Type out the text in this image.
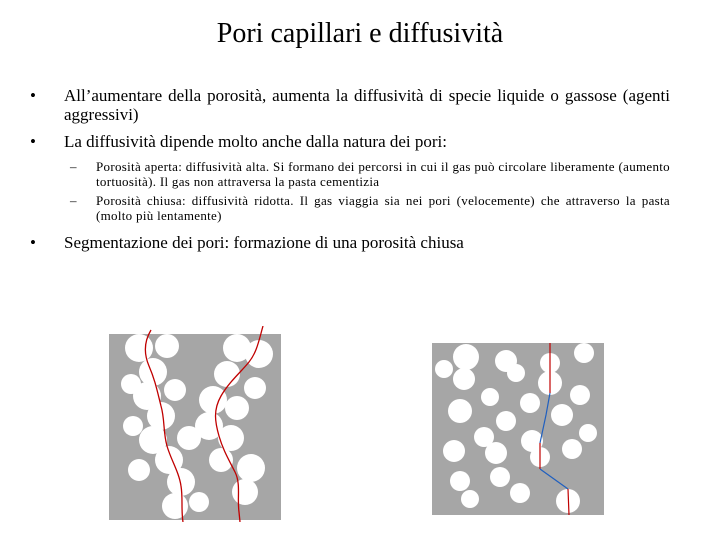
Pori capillari e diffusività
• All’aumentare della porosità, aumenta la diffusività di specie liquide o gassose (agenti aggressivi)
• La diffusività dipende molto anche dalla natura dei pori:
– Porosità aperta: diffusività alta. Si formano dei percorsi in cui il gas può circolare liberamente (aumento tortuosità). Il gas non attraversa la pasta cementizia
– Porosità chiusa: diffusività ridotta. Il gas viaggia sia nei pori (velocemente) che attraverso la pasta (molto più lentamente)
• Segmentazione dei pori: formazione di una porosità chiusa
